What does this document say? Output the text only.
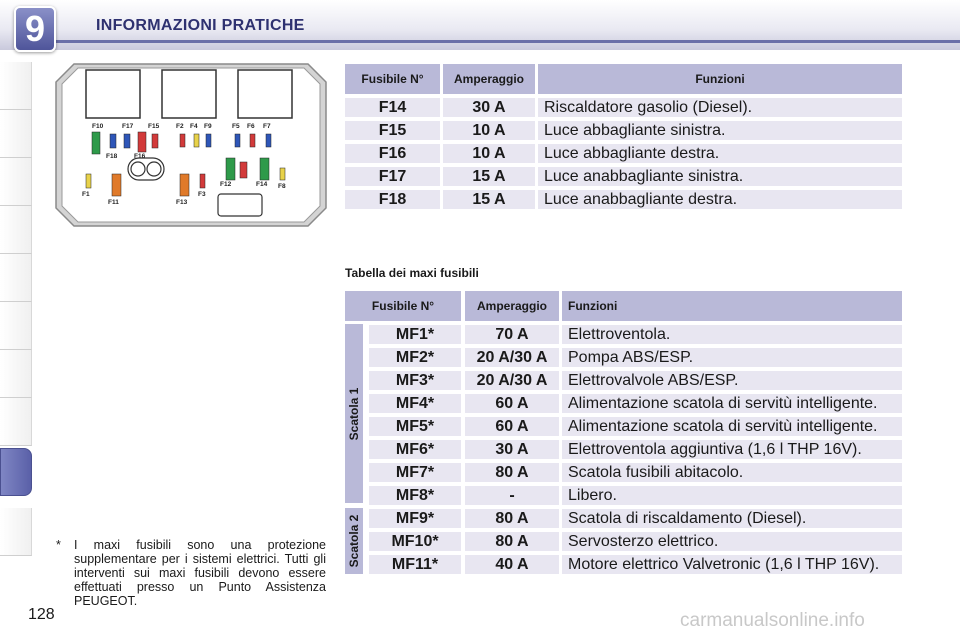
9	INFORMAZIONI PRATICHE
F10	F17 F15	F2 F4 F9	F5 F6 F7 F18	F16F12	F14 F8 F1F11	F13F3
Fusibile N°	Amperaggio	Funzioni
F14	30 A	Riscaldatore gasolio (Diesel).
F15	10 A	Luce abbagliante sinistra.
F16	10 A	Luce abbagliante destra.
F17	15 A	Luce anabbagliante sinistra.
F18	15 A	Luce anabbagliante destra.
Tabella dei maxi fusibili
Fusibile N°	Amperaggio	Funzioni
MF1*	70 A	Elettroventola.
MF2*	20 A/30 A	Pompa ABS/ESP.
MF3*	20 A/30 A	Elettrovalvole ABS/ESP.
MF4*	60 A	Alimentazione scatola di servitù intelligente.
MF5*	60 A	Alimentazione scatola di servitù intelligente.
MF6*	30 A	Elettroventola aggiuntiva (1,6 l THP 16V).
MF7*	80 A	Scatola fusibili abitacolo.
MF8*	-	Libero.
MF9*	80 A	Scatola di riscaldamento (Diesel).
MF10*	80 A	Servosterzo elettrico.
MF11*	40 A	Motore elettrico Valvetronic (1,6 l THP 16V).
Scatola 1
Scatola 2
*	I maxi fusibili sono una protezione supplementare per i sistemi elettrici. Tutti gli interventi sui maxi fusibili devono essere effettuati presso un Punto Assistenza PEUGEOT.
128	carmanualsonline.info
